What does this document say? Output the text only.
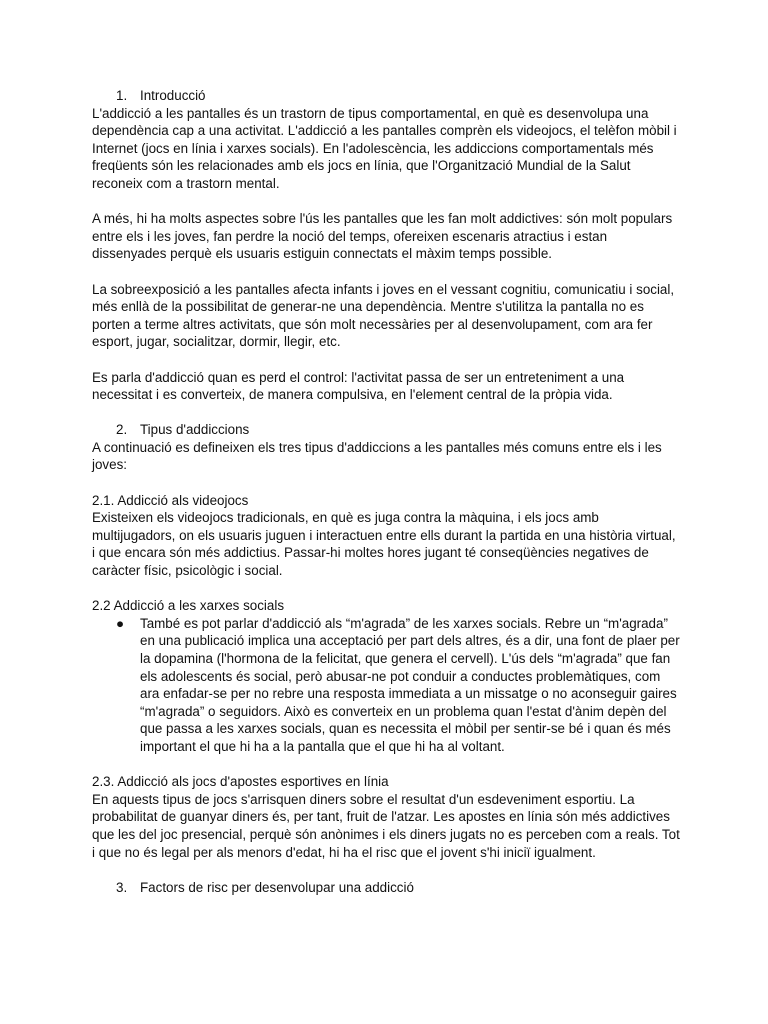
1. Introducció

L'addicció a les pantalles és un trastorn de tipus comportamental, en què es desenvolupa una dependència cap a una activitat. L'addicció a les pantalles comprèn els videojocs, el telèfon mòbil i Internet (jocs en línia i xarxes socials). En l'adolescència, les addiccions comportamentals més freqüents són les relacionades amb els jocs en línia, que l'Organització Mundial de la Salut reconeix com a trastorn mental.

A més, hi ha molts aspectes sobre l'ús les pantalles que les fan molt addictives: són molt populars entre els i les joves, fan perdre la noció del temps, ofereixen escenaris atractius i estan dissenyades perquè els usuaris estiguin connectats el màxim temps possible.

La sobreexposició a les pantalles afecta infants i joves en el vessant cognitiu, comunicatiu i social, més enllà de la possibilitat de generar-ne una dependència. Mentre s'utilitza la pantalla no es porten a terme altres activitats, que són molt necessàries per al desenvolupament, com ara fer esport, jugar, socialitzar, dormir, llegir, etc.

Es parla d'addicció quan es perd el control: l'activitat passa de ser un entreteniment a una necessitat i es converteix, de manera compulsiva, en l'element central de la pròpia vida.

2. Tipus d'addiccions

A continuació es defineixen els tres tipus d'addiccions a les pantalles més comuns entre els i les joves:

2.1. Addicció als videojocs

Existeixen els videojocs tradicionals, en què es juga contra la màquina, i els jocs amb multijugadors, on els usuaris juguen i interactuen entre ells durant la partida en una història virtual, i que encara són més addictius. Passar-hi moltes hores jugant té conseqüències negatives de caràcter físic, psicològic i social.

2.2 Addicció a les xarxes socials

●	També es pot parlar d'addicció als “m'agrada” de les xarxes socials. Rebre un “m'agrada” en una publicació implica una acceptació per part dels altres, és a dir, una font de plaer per la dopamina (l'hormona de la felicitat, que genera el cervell). L'ús dels “m'agrada” que fan els adolescents és social, però abusar-ne pot conduir a conductes problemàtiques, com ara enfadar-se per no rebre una resposta immediata a un missatge o no aconseguir gaires “m'agrada” o seguidors. Això es converteix en un problema quan l'estat d'ànim depèn del que passa a les xarxes socials, quan es necessita el mòbil per sentir-se bé i quan és més important el que hi ha a la pantalla que el que hi ha al voltant.

2.3. Addicció als jocs d'apostes esportives en línia

En aquests tipus de jocs s'arrisquen diners sobre el resultat d'un esdeveniment esportiu. La probabilitat de guanyar diners és, per tant, fruit de l'atzar. Les apostes en línia són més addictives que les del joc presencial, perquè són anònimes i els diners jugats no es perceben com a reals. Tot i que no és legal per als menors d'edat, hi ha el risc que el jovent s'hi iniciï igualment.

3. Factors de risc per desenvolupar una addicció
